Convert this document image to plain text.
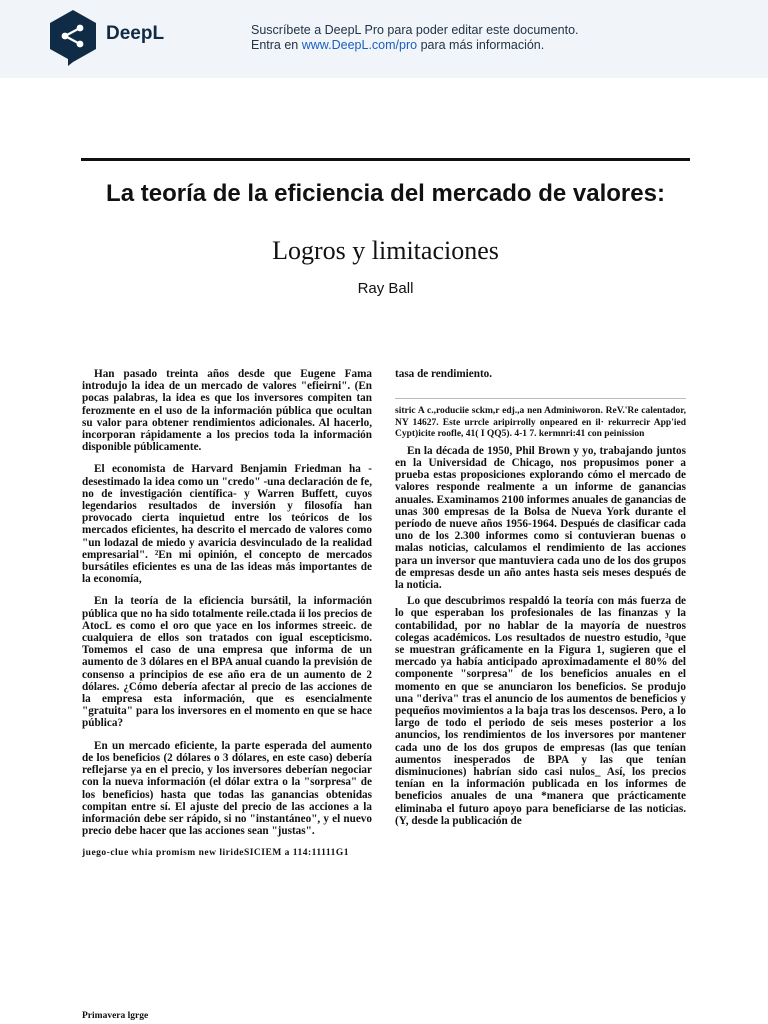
DeepL	Suscríbete a DeepL Pro para poder editar este documento.
Entra en www.DeepL.com/pro para más información.
La teoría de la eficiencia del mercado de valores:
Logros y limitaciones
Ray Ball

Han pasado treinta años desde que Eugene Fama introdujo la idea de un mercado de valores "efieirni". (En pocas palabras, la idea es que los inversores compiten tan ferozmente en el uso de la información pública que ocultan su valor para obtener rendimientos adicionales. Al hacerlo, incorporan rápidamente a los precios toda la información disponible públicamente.

El economista de Harvard Benjamin Friedman ha - desestimado la idea como un "credo" -una declaración de fe, no de investigación científica- y Warren Buffett, cuyos legendarios resultados de inversión y filosofía han provocado cierta inquietud entre los teóricos de los mercados eficientes, ha descrito el mercado de valores como "un lodazal de miedo y avaricia desvinculado de la realidad empresarial". ²En mi opinión, el concepto de mercados bursátiles eficientes es una de las ideas más importantes de la economía,

En la teoría de la eficiencia bursátil, la información pública que no ha sido totalmente reile.ctada ii los precios de AtocL es como el oro que yace en los informes streeic. de cualquiera de ellos son tratados con igual escepticismo. Tomemos el caso de una empresa que informa de un aumento de 3 dólares en el BPA anual cuando la previsión de consenso a principios de ese año era de un aumento de 2 dólares. ¿Cómo debería afectar al precio de las acciones de la empresa esta información, que es esencialmente "gratuita" para los inversores en el momento en que se hace pública?

En un mercado eficiente, la parte esperada del aumento de los beneficios (2 dólares o 3 dólares, en este caso) debería reflejarse ya en el precio, y los inversores deberían negociar con la nueva información (el dólar extra o la "sorpresa" de los beneficios) hasta que todas las ganancias obtenidas compitan entre sí. El ajuste del precio de las acciones a la información debe ser rápido, si no "instantáneo", y el nuevo precio debe hacer que las acciones sean "justas".

juego-clue whia promism new lirideSICIEM a 114:11111G1

tasa de rendimiento.

sitric A c.,roduciie sckm,r edj.,a nen Adminiworon. ReV.'Re calentador, NY 14627. Este urrcle aripirrolly onpeared en il· rekurrecir App'ied Cypt)icite roofle, 41( I QQ5). 4-1 7. kermnri:41 con peinission

En la década de 1950, Phil Brown y yo, trabajando juntos en la Universidad de Chicago, nos propusimos poner a prueba estas proposiciones explorando cómo el mercado de valores responde realmente a un informe de ganancias anuales. Examinamos 2100 informes anuales de ganancias de unas 300 empresas de la Bolsa de Nueva York durante el período de nueve años 1956-1964. Después de clasificar cada uno de los 2.300 informes como si contuvieran buenas o malas noticias, calculamos el rendimiento de las acciones para un inversor que mantuviera cada uno de los dos grupos de empresas desde un año antes hasta seis meses después de la noticia.

Lo que descubrimos respaldó la teoría con más fuerza de lo que esperaban los profesionales de las finanzas y la contabilidad, por no hablar de la mayoría de nuestros colegas académicos. Los resultados de nuestro estudio, ³que se muestran gráficamente en la Figura 1, sugieren que el mercado ya había anticipado aproximadamente el 80% del componente "sorpresa" de los beneficios anuales en el momento en que se anunciaron los beneficios. Se produjo una "deriva" tras el anuncio de los aumentos de beneficios y pequeños movimientos a la baja tras los descensos. Pero, a lo largo de todo el periodo de seis meses posterior a los anuncios, los rendimientos de los inversores por mantener cada uno de los dos grupos de empresas (las que tenían aumentos inesperados de BPA y las que tenían disminuciones) habrían sido casi nulos_ Así, los precios tenían en la información publicada en los informes de beneficios anuales de una *manera que prácticamente eliminaba el futuro apoyo para beneficiarse de las noticias. (Y, desde la publicación de

Primavera lgrge
